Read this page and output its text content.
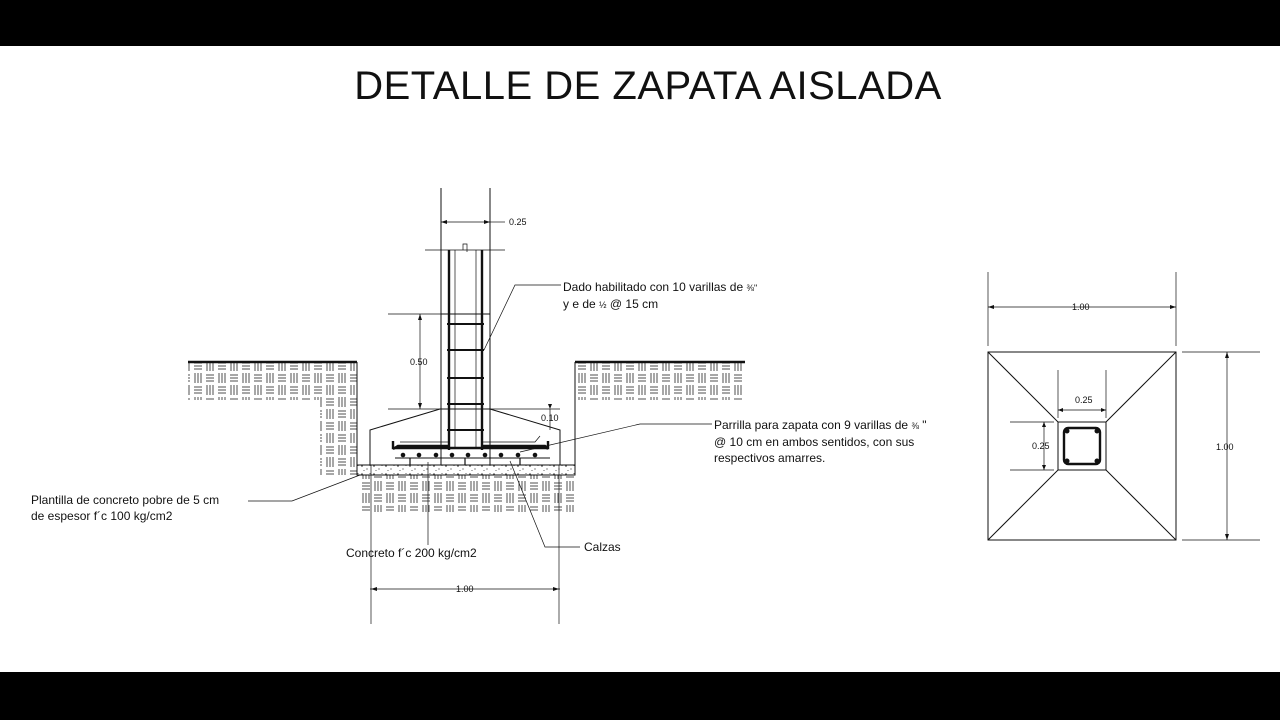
DETALLE DE ZAPATA AISLADA
0.25
0.50
0.10
1.00
1.00
1.00
0.25
0.25
Dado habilitado con 10 varillas de ⅜"
y e de ½ @ 15 cm
Parrilla para zapata con 9 varillas de ⅜ "
@ 10 cm en ambos sentidos, con sus
respectivos amarres.
Plantilla de concreto pobre de 5 cm
de espesor f´c 100 kg/cm2
Concreto f´c 200 kg/cm2	Calzas
